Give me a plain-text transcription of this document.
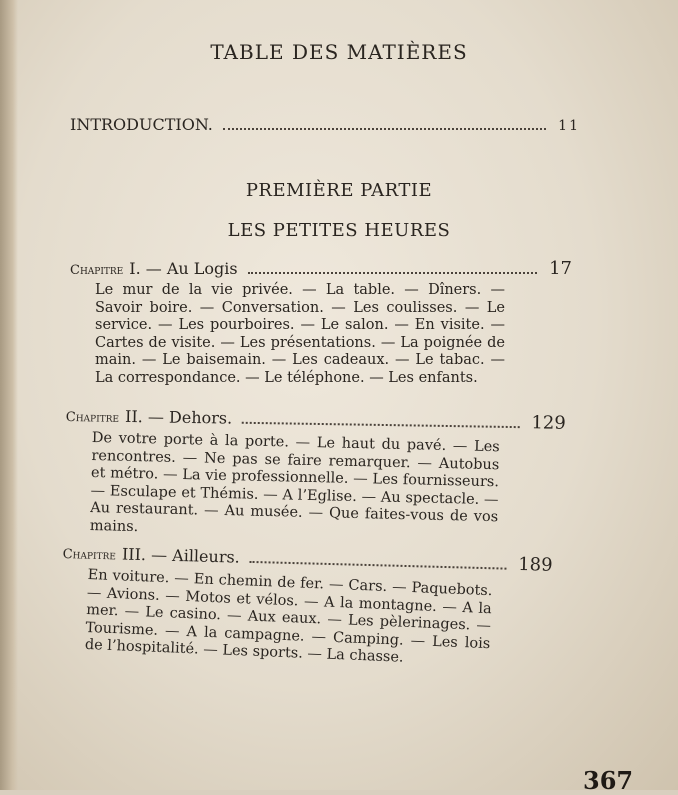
TABLE DES MATIÈRES
INTRODUCTION.	11
PREMIÈRE PARTIE
LES PETITES HEURES
Chapitre I. — Au Logis	17
Le mur de la vie privée. — La table. — Dîners. — Savoir boire. — Conversation. — Les coulisses. — Le service. — Les pourboires. — Le salon. — En visite. — Cartes de visite. — Les présentations. — La poignée de main. — Le baisemain. — Les cadeaux. — Le tabac. — La correspondance. — Le téléphone. — Les enfants.
Chapitre II. — Dehors.	129
De votre porte à la porte. — Le haut du pavé. — Les rencontres. — Ne pas se faire remarquer. — Autobus et métro. — La vie professionnelle. — Les fournisseurs. — Esculape et Thémis. — A l’Eglise. — Au spectacle. — Au restaurant. — Au musée. — Que faites-vous de vos mains.
Chapitre III. — Ailleurs.	189
En voiture. — En chemin de fer. — Cars. — Paquebots. — Avions. — Motos et vélos. — A la montagne. — A la mer. — Le casino. — Aux eaux. — Les pèlerinages. — Tourisme. — A la campagne. — Camping. — Les lois de l’hospitalité. — Les sports. — La chasse.
367
